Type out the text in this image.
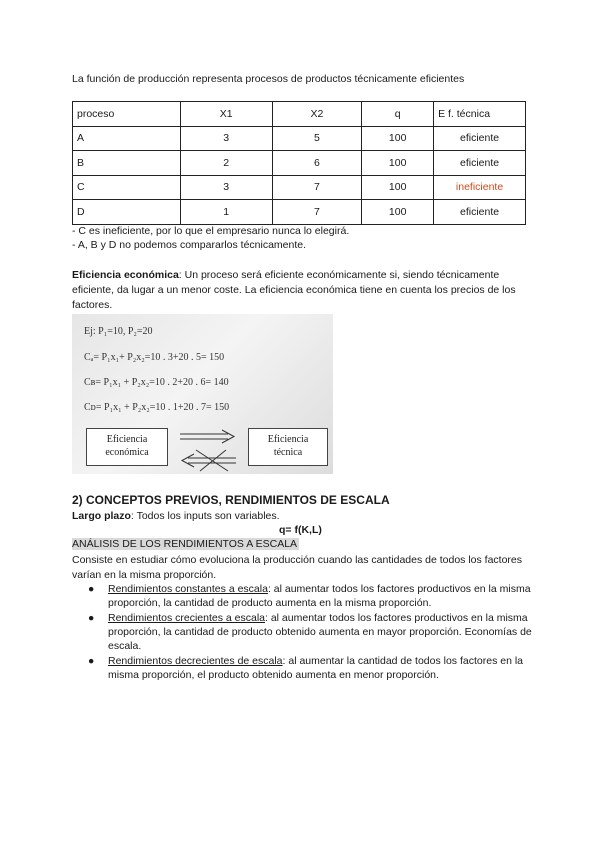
La función de producción representa procesos de productos técnicamente eficientes
proceso	X1	X2	q	E f. técnica
A	3	5	100	eficiente
B	2	6	100	eficiente
C	3	7	100	ineficiente
D	1	7	100	eficiente
- C es ineficiente, por lo que el empresario nunca lo elegirá.
- A, B y D no podemos compararlos técnicamente.
Eficiencia económica: Un proceso será eficiente económicamente si, siendo técnicamente eficiente, da lugar a un menor coste. La eficiencia económica tiene en cuenta los precios de los factores.
Ej: P₁=10, P₂=20
Cₐ= P₁x₁+ P₂x₂=10 . 3+20 . 5= 150
Cʙ= P₁x₁ + P₂x₂=10 . 2+20 . 6= 140
Cᴅ= P₁x₁ + P₂x₂=10 . 1+20 . 7= 150
Eficiencia
económica
Eficiencia
técnica
2) CONCEPTOS PREVIOS, RENDIMIENTOS DE ESCALA
Largo plazo: Todos los inputs son variables.
q= f(K,L)
ANÁLISIS DE LOS RENDIMIENTOS A ESCALA
Consiste en estudiar cómo evoluciona la producción cuando las cantidades de todos los factores varían en la misma proporción.
● Rendimientos constantes a escala: al aumentar todos los factores productivos en la misma proporción, la cantidad de producto aumenta en la misma proporción.
● Rendimientos crecientes a escala: al aumentar todos los factores productivos en la misma proporción, la cantidad de producto obtenido aumenta en mayor proporción. Economías de escala.
● Rendimientos decrecientes de escala: al aumentar la cantidad de todos los factores en la misma proporción, el producto obtenido aumenta en menor proporción.
